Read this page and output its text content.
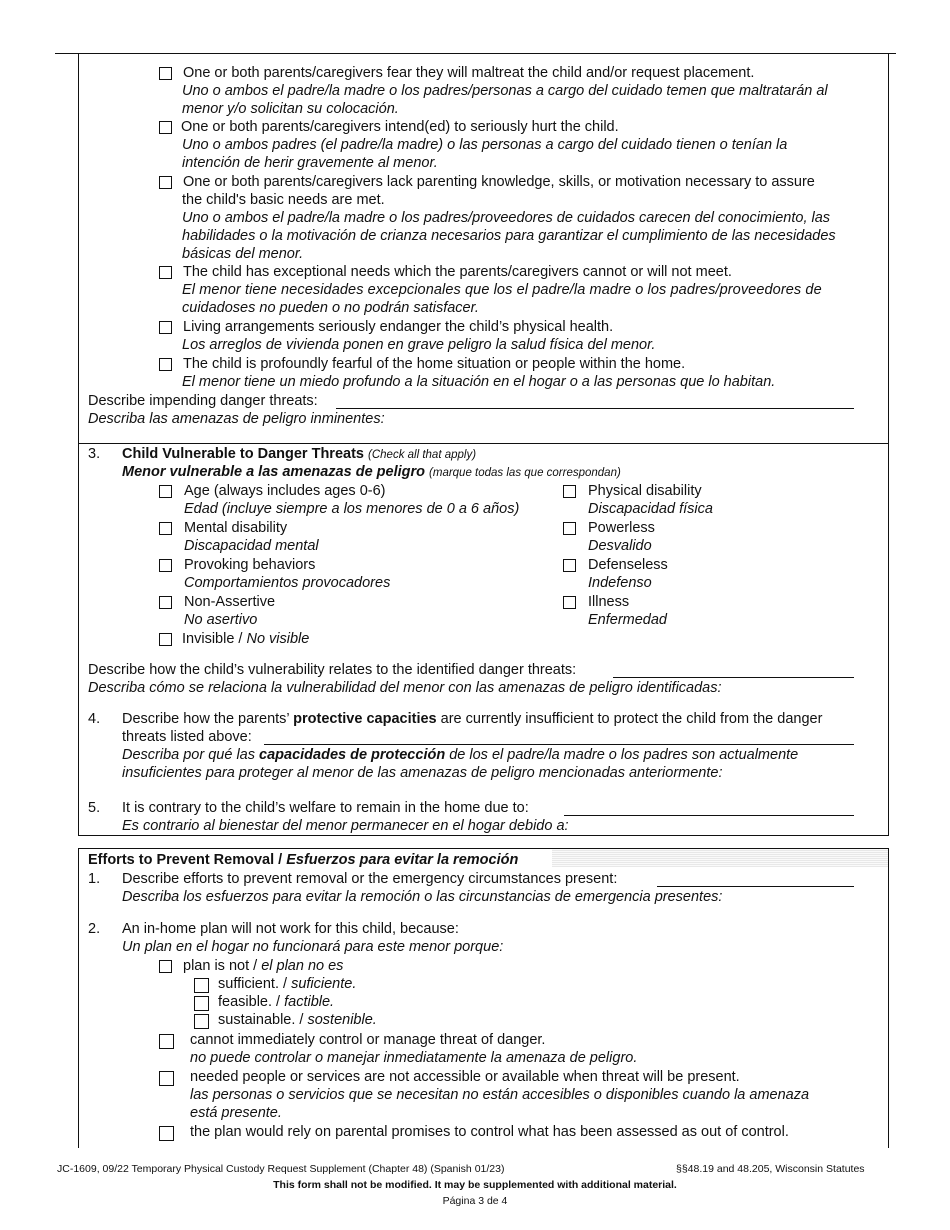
One or both parents/caregivers fear they will maltreat the child and/or request placement.
Uno o ambos el padre/la madre o los padres/personas a cargo del cuidado temen que maltratarán al
menor y/o solicitan su colocación.
One or both parents/caregivers intend(ed) to seriously hurt the child.
Uno o ambos padres (el padre/la madre) o las personas a cargo del cuidado tienen o tenían la
intención de herir gravemente al menor.
One or both parents/caregivers lack parenting knowledge, skills, or motivation necessary to assure
the child's basic needs are met.
Uno o ambos el padre/la madre o los padres/proveedores de cuidados carecen del conocimiento, las
habilidades o la motivación de crianza necesarios para garantizar el cumplimiento de las necesidades
básicas del menor.
The child has exceptional needs which the parents/caregivers cannot or will not meet.
El menor tiene necesidades excepcionales que los el padre/la madre o los padres/proveedores de
cuidadoses no pueden o no podrán satisfacer.
Living arrangements seriously endanger the child’s physical health.
Los arreglos de vivienda ponen en grave peligro la salud física del menor.
The child is profoundly fearful of the home situation or people within the home.
El menor tiene un miedo profundo a la situación en el hogar o a las personas que lo habitan.
Describe impending danger threats:
Describa las amenazas de peligro inminentes:
3. Child Vulnerable to Danger Threats (Check all that apply)
Menor vulnerable a las amenazas de peligro (marque todas las que correspondan)
Age (always includes ages 0-6)
Edad (incluye siempre a los menores de 0 a 6 años)
Mental disability
Discapacidad mental
Provoking behaviors
Comportamientos provocadores
Non-Assertive
No asertivo
Invisible / No visible
Physical disability
Discapacidad física
Powerless
Desvalido
Defenseless
Indefenso
Illness
Enfermedad
Describe how the child’s vulnerability relates to the identified danger threats:
Describa cómo se relaciona la vulnerabilidad del menor con las amenazas de peligro identificadas:
4. Describe how the parents’ protective capacities are currently insufficient to protect the child from the danger
threats listed above:
Describa por qué las capacidades de protección de los el padre/la madre o los padres son actualmente
insuficientes para proteger al menor de las amenazas de peligro mencionadas anteriormente:
5. It is contrary to the child’s welfare to remain in the home due to:
Es contrario al bienestar del menor permanecer en el hogar debido a:
Efforts to Prevent Removal / Esfuerzos para evitar la remoción
1. Describe efforts to prevent removal or the emergency circumstances present:
Describa los esfuerzos para evitar la remoción o las circunstancias de emergencia presentes:
2. An in-home plan will not work for this child, because:
Un plan en el hogar no funcionará para este menor porque:
plan is not / el plan no es
sufficient. / suficiente.
feasible. / factible.
sustainable. / sostenible.
cannot immediately control or manage threat of danger.
no puede controlar o manejar inmediatamente la amenaza de peligro.
needed people or services are not accessible or available when threat will be present.
las personas o servicios que se necesitan no están accesibles o disponibles cuando la amenaza
está presente.
the plan would rely on parental promises to control what has been assessed as out of control.
JC-1609, 09/22 Temporary Physical Custody Request Supplement (Chapter 48) (Spanish 01/23)	§§48.19 and 48.205, Wisconsin Statutes
This form shall not be modified. It may be supplemented with additional material.
Página 3 de 4
